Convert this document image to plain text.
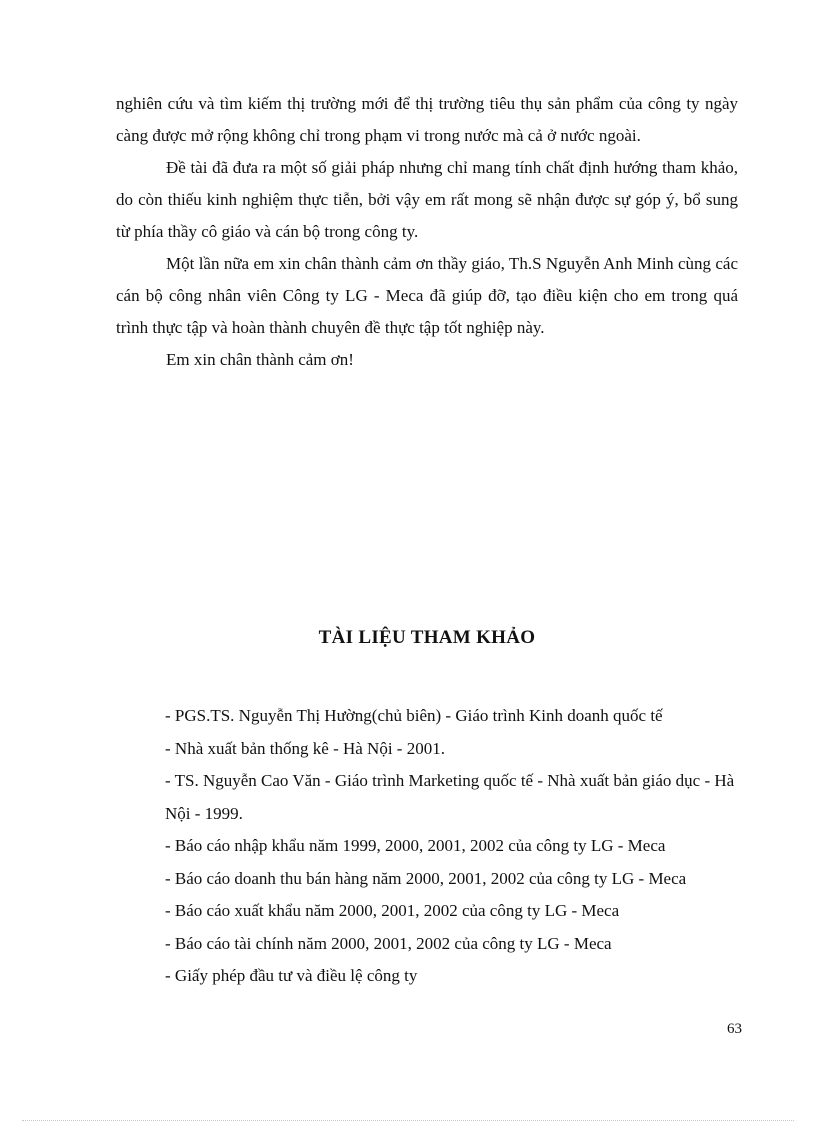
nghiên cứu và tìm kiếm thị trường mới để thị trường tiêu thụ sản phẩm của công ty ngày càng được mở rộng không chỉ trong phạm vi trong nước mà cả ở nước ngoài.

Đề tài đã đưa ra một số giải pháp nhưng chỉ mang tính chất định hướng tham khảo, do còn thiếu kinh nghiệm thực tiễn, bởi vậy em rất mong sẽ nhận được sự góp ý, bổ sung từ phía thầy cô giáo và cán bộ trong công ty.

Một lần nữa em xin chân thành cảm ơn thầy giáo, Th.S Nguyễn Anh Minh cùng các cán bộ công nhân viên Công ty LG - Meca đã giúp đỡ, tạo điều kiện cho em trong quá trình thực tập và hoàn thành chuyên đề thực tập tốt nghiệp này.

Em xin chân thành cảm ơn!

TÀI LIỆU THAM KHẢO
- PGS.TS. Nguyễn Thị Hường(chủ biên) - Giáo trình Kinh doanh quốc tế
- Nhà xuất bản thống kê - Hà Nội - 2001.
- TS. Nguyễn Cao Văn - Giáo trình Marketing quốc tế - Nhà xuất bản giáo dục - Hà Nội - 1999.
- Báo cáo nhập khẩu năm 1999, 2000, 2001, 2002 của công ty LG - Meca
- Báo cáo doanh thu bán hàng năm 2000, 2001, 2002 của công ty LG - Meca
- Báo cáo xuất khẩu năm 2000, 2001, 2002 của công ty LG - Meca
- Báo cáo tài chính năm 2000, 2001, 2002 của công ty LG - Meca
- Giấy phép đầu tư và điều lệ công ty
63
